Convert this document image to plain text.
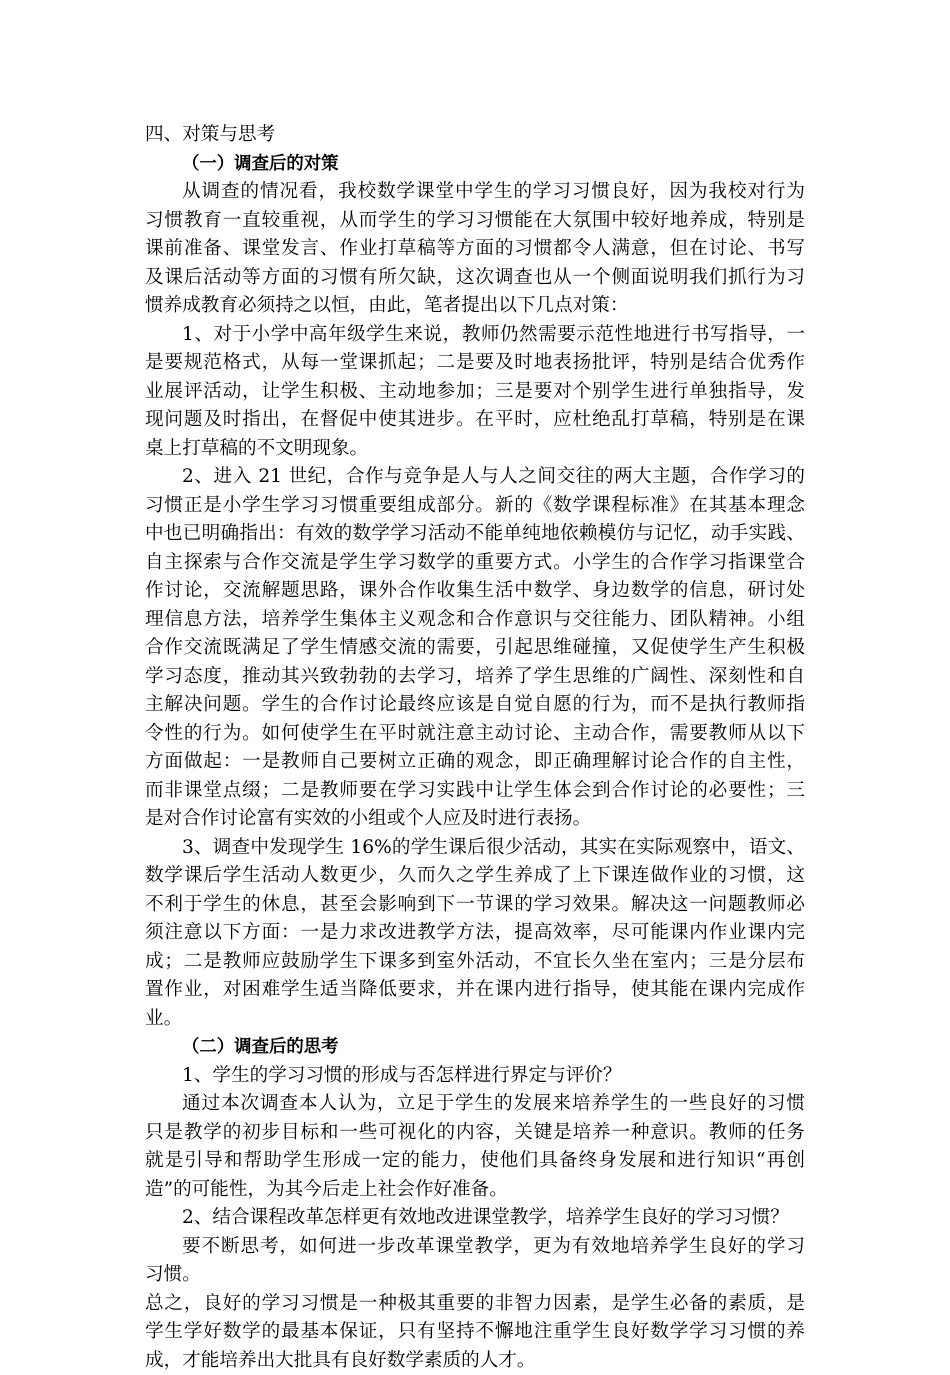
四、对策与思考
（一）调查后的对策
从调查的情况看，我校数学课堂中学生的学习习惯良好，因为我校对行为
习惯教育一直较重视，从而学生的学习习惯能在大氛围中较好地养成，特别是
课前准备、课堂发言、作业打草稿等方面的习惯都令人满意，但在讨论、书写
及课后活动等方面的习惯有所欠缺，这次调查也从一个侧面说明我们抓行为习
惯养成教育必须持之以恒，由此，笔者提出以下几点对策：
1、对于小学中高年级学生来说，教师仍然需要示范性地进行书写指导，一
是要规范格式，从每一堂课抓起；二是要及时地表扬批评，特别是结合优秀作
业展评活动，让学生积极、主动地参加；三是要对个别学生进行单独指导，发
现问题及时指出，在督促中使其进步。在平时，应杜绝乱打草稿，特别是在课
桌上打草稿的不文明现象。
2、进入 21 世纪，合作与竞争是人与人之间交往的两大主题，合作学习的
习惯正是小学生学习习惯重要组成部分。新的《数学课程标准》在其基本理念
中也已明确指出：有效的数学学习活动不能单纯地依赖模仿与记忆，动手实践、
自主探索与合作交流是学生学习数学的重要方式。小学生的合作学习指课堂合
作讨论，交流解题思路，课外合作收集生活中数学、身边数学的信息，研讨处
理信息方法，培养学生集体主义观念和合作意识与交往能力、团队精神。小组
合作交流既满足了学生情感交流的需要，引起思维碰撞，又促使学生产生积极
学习态度，推动其兴致勃勃的去学习，培养了学生思维的广阔性、深刻性和自
主解决问题。学生的合作讨论最终应该是自觉自愿的行为，而不是执行教师指
令性的行为。如何使学生在平时就注意主动讨论、主动合作，需要教师从以下
方面做起：一是教师自己要树立正确的观念，即正确理解讨论合作的自主性，
而非课堂点缀；二是教师要在学习实践中让学生体会到合作讨论的必要性；三
是对合作讨论富有实效的小组或个人应及时进行表扬。
3、调查中发现学生 16%的学生课后很少活动，其实在实际观察中，语文、
数学课后学生活动人数更少，久而久之学生养成了上下课连做作业的习惯，这
不利于学生的休息，甚至会影响到下一节课的学习效果。解决这一问题教师必
须注意以下方面：一是力求改进教学方法，提高效率，尽可能课内作业课内完
成；二是教师应鼓励学生下课多到室外活动，不宜长久坐在室内；三是分层布
置作业，对困难学生适当降低要求，并在课内进行指导，使其能在课内完成作
业。
（二）调查后的思考
1、学生的学习习惯的形成与否怎样进行界定与评价？
通过本次调查本人认为，立足于学生的发展来培养学生的一些良好的习惯
只是教学的初步目标和一些可视化的内容，关键是培养一种意识。教师的任务
就是引导和帮助学生形成一定的能力，使他们具备终身发展和进行知识“再创
造”的可能性，为其今后走上社会作好准备。
2、结合课程改革怎样更有效地改进课堂教学，培养学生良好的学习习惯？
要不断思考，如何进一步改革课堂教学，更为有效地培养学生良好的学习
习惯。
总之，良好的学习习惯是一种极其重要的非智力因素，是学生必备的素质，是
学生学好数学的最基本保证，只有坚持不懈地注重学生良好数学学习习惯的养
成，才能培养出大批具有良好数学素质的人才。
